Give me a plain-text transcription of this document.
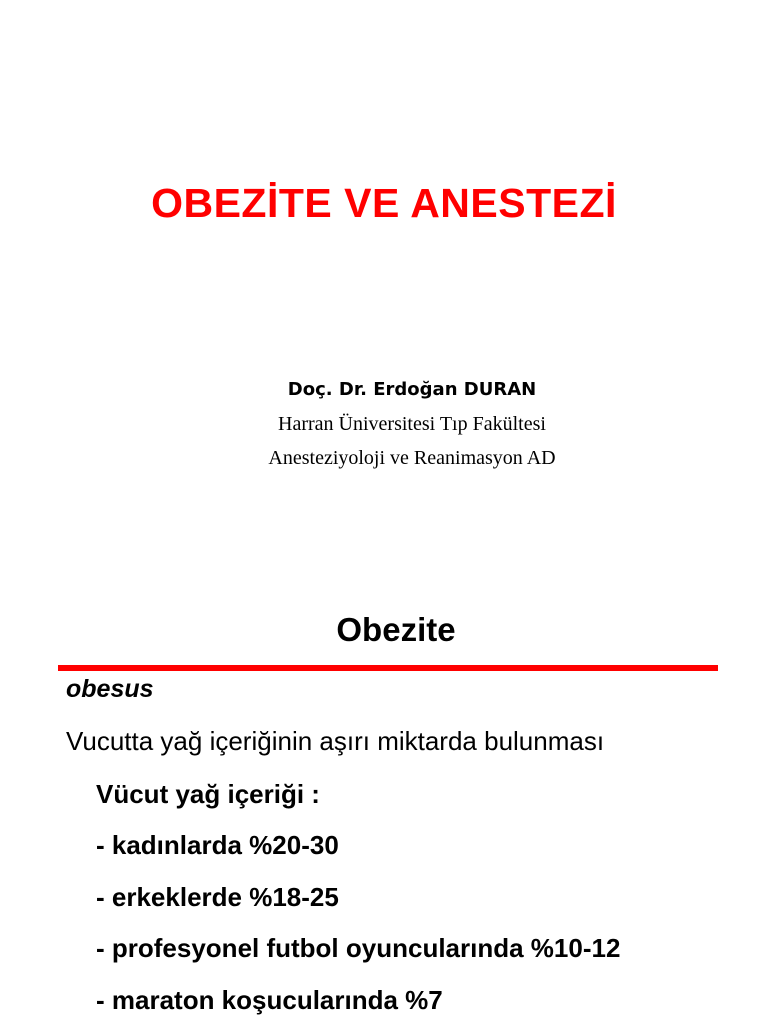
OBEZİTE VE ANESTEZİ
Doç. Dr. Erdoğan DURAN
Harran Üniversitesi Tıp Fakültesi
Anesteziyoloji ve Reanimasyon AD
Obezite
obesus
Vucutta yağ içeriğinin aşırı miktarda bulunması
Vücut yağ içeriği :
- kadınlarda %20-30
- erkeklerde %18-25
- profesyonel futbol oyuncularında %10-12
- maraton koşucularında %7
